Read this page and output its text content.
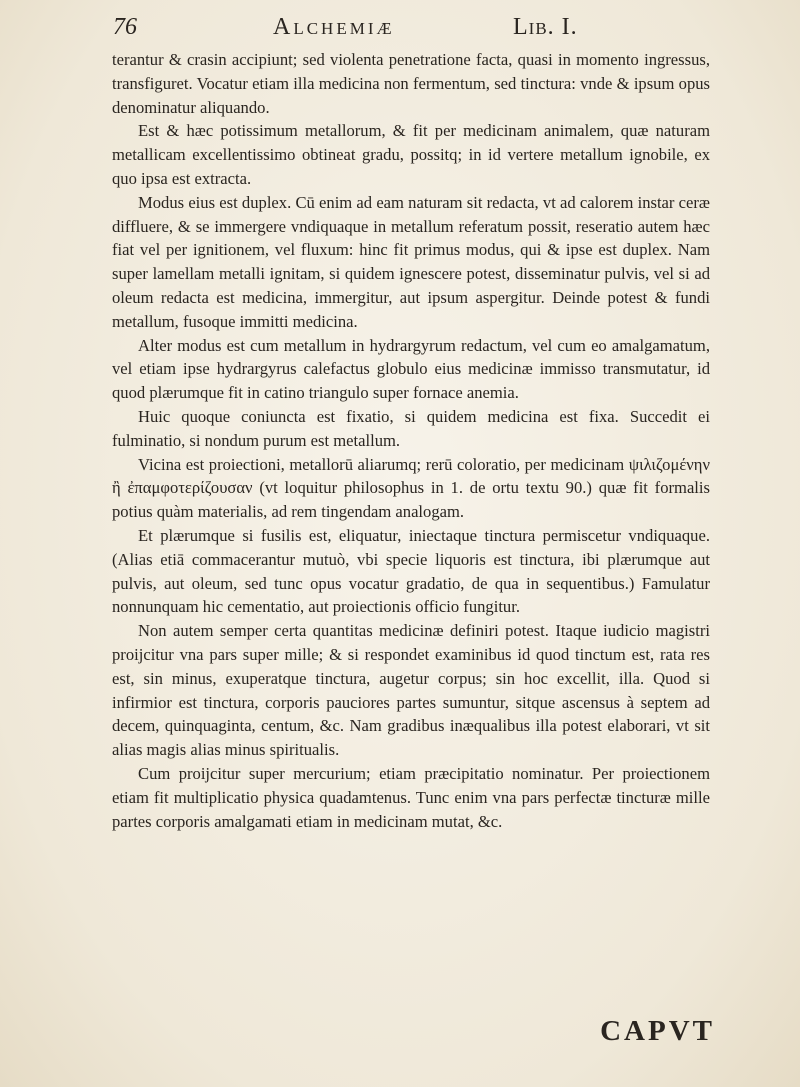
76	Alchemiæ	Lib. I.

terantur & crasin accipiunt; sed violenta penetratione facta, quasi in momento ingressus, transfiguret. Vocatur etiam illa medicina non fermentum, sed tinctura: vnde & ipsum opus denominatur aliquando.

Est & hæc potissimum metallorum, & fit per medicinam animalem, quæ naturam metallicam excellentissimo obtineat gradu, possitq; in id vertere metallum ignobile, ex quo ipsa est extracta.

Modus eius est duplex. Cū enim ad eam naturam sit redacta, vt ad calorem instar ceræ diffluere, & se immergere vndiquaque in metallum referatum possit, reseratio autem hæc fiat vel per ignitionem, vel fluxum: hinc fit primus modus, qui & ipse est duplex. Nam super lamellam metalli ignitam, si quidem ignescere potest, disseminatur pulvis, vel si ad oleum redacta est medicina, immergitur, aut ipsum aspergitur. Deinde potest & fundi metallum, fusoque immitti medicina.

Alter modus est cum metallum in hydrargyrum redactum, vel cum eo amalgamatum, vel etiam ipse hydrargyrus calefactus globulo eius medicinæ immisso transmutatur, id quod plærumque fit in catino triangulo super fornace anemia.

Huic quoque coniuncta est fixatio, si quidem medicina est fixa. Succedit ei fulminatio, si nondum purum est metallum.

Vicina est proiectioni, metallorū aliarumq; rerū coloratio, per medicinam ψιλιζομένην ἢ ἐπαμφοτερίζουσαν (vt loquitur philosophus in 1. de ortu textu 90.) quæ fit formalis potius quàm materialis, ad rem tingendam analogam.

Et plærumque si fusilis est, eliquatur, iniectaque tinctura permiscetur vndiquaque. (Alias etiā commacerantur mutuò, vbi specie liquoris est tinctura, ibi plærumque aut pulvis, aut oleum, sed tunc opus vocatur gradatio, de qua in sequentibus.) Famulatur nonnunquam hic cementatio, aut proiectionis officio fungitur.

Non autem semper certa quantitas medicinæ definiri potest. Itaque iudicio magistri proijcitur vna pars super mille; & si respondet examinibus id quod tinctum est, rata res est, sin minus, exuperatque tinctura, augetur corpus; sin hoc excellit, illa. Quod si infirmior est tinctura, corporis pauciores partes sumuntur, sitque ascensus à septem ad decem, quinquaginta, centum, &c. Nam gradibus inæqualibus illa potest elaborari, vt sit alias magis alias minus spiritualis.

Cum proijcitur super mercurium; etiam præcipitatio nominatur. Per proiectionem etiam fit multiplicatio physica quadamtenus. Tunc enim vna pars perfectæ tincturæ mille partes corporis amalgamati etiam in medicinam mutat, &c.

CAPVT
